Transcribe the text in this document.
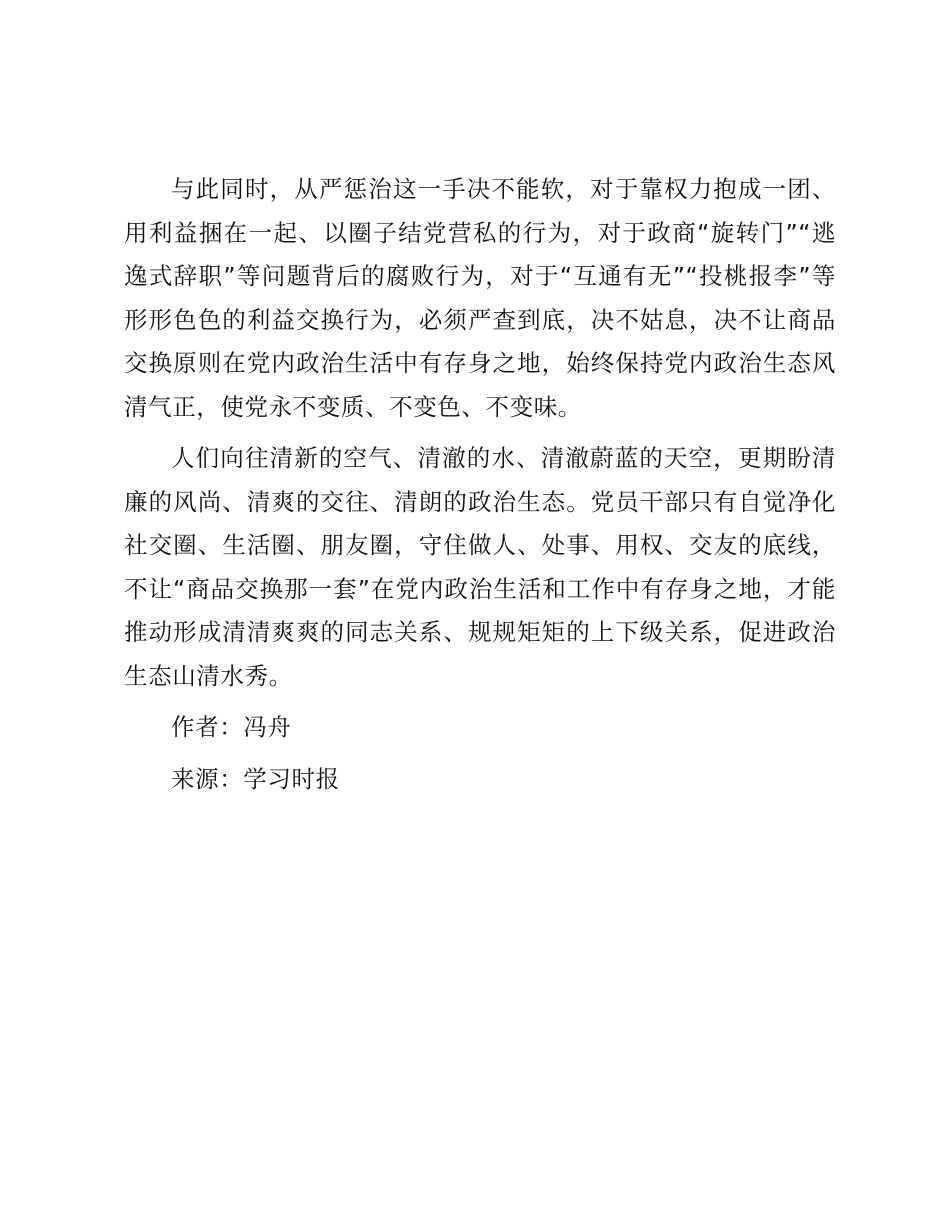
与此同时，从严惩治这一手决不能软，对于靠权力抱成一团、用利益捆在一起、以圈子结党营私的行为，对于政商“旋转门”“逃逸式辞职”等问题背后的腐败行为，对于“互通有无”“投桃报李”等形形色色的利益交换行为，必须严查到底，决不姑息，决不让商品交换原则在党内政治生活中有存身之地，始终保持党内政治生态风清气正，使党永不变质、不变色、不变味。

人们向往清新的空气、清澈的水、清澈蔚蓝的天空，更期盼清廉的风尚、清爽的交往、清朗的政治生态。党员干部只有自觉净化社交圈、生活圈、朋友圈，守住做人、处事、用权、交友的底线，不让“商品交换那一套”在党内政治生活和工作中有存身之地，才能推动形成清清爽爽的同志关系、规规矩矩的上下级关系，促进政治生态山清水秀。

作者：冯舟

来源：学习时报
